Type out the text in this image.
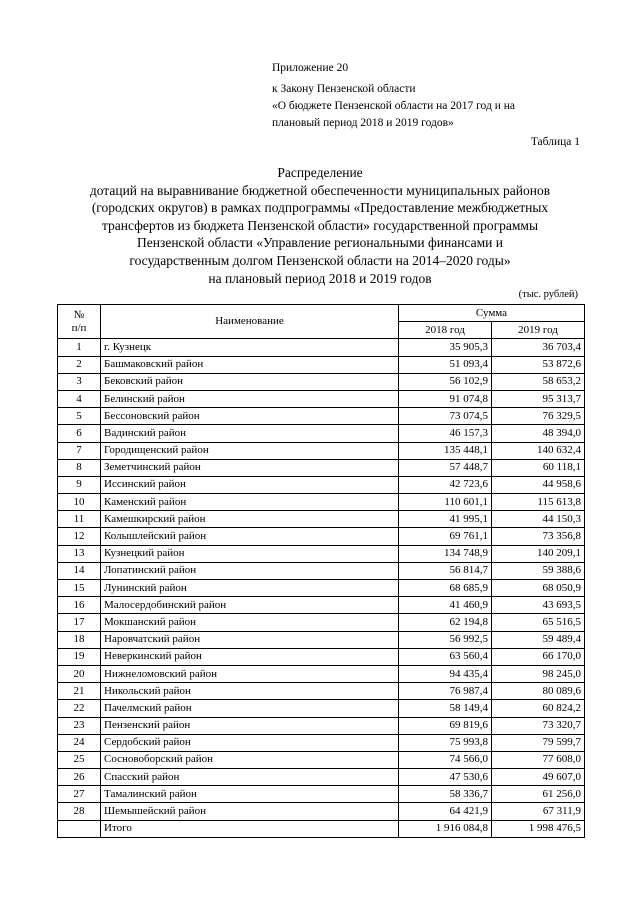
Приложение 20
к Закону Пензенской области
«О бюджете Пензенской области на 2017 год и на
плановый период 2018 и 2019 годов»
Таблица 1
Распределение
дотаций на выравнивание бюджетной обеспеченности муниципальных районов
(городских округов) в рамках подпрограммы «Предоставление межбюджетных
трансфертов из бюджета Пензенской области» государственной программы
Пензенской области «Управление региональными финансами и
государственным долгом Пензенской области на 2014–2020 годы»
на плановый период 2018 и 2019 годов
(тыс. рублей)
№
п/п	Наименование	Сумма	
		2018 год	2019 год
1	г. Кузнецк	35 905,3	36 703,4
2	Башмаковский район	51 093,4	53 872,6
3	Бековский район	56 102,9	58 653,2
4	Белинский район	91 074,8	95 313,7
5	Бессоновский район	73 074,5	76 329,5
6	Вадинский район	46 157,3	48 394,0
7	Городищенский район	135 448,1	140 632,4
8	Земетчинский район	57 448,7	60 118,1
9	Иссинский район	42 723,6	44 958,6
10	Каменский район	110 601,1	115 613,8
11	Камешкирский район	41 995,1	44 150,3
12	Колышлейский район	69 761,1	73 356,8
13	Кузнецкий район	134 748,9	140 209,1
14	Лопатинский район	56 814,7	59 388,6
15	Лунинский район	68 685,9	68 050,9
16	Малосердобинский район	41 460,9	43 693,5
17	Мокшанский район	62 194,8	65 516,5
18	Наровчатский район	56 992,5	59 489,4
19	Неверкинский район	63 560,4	66 170,0
20	Нижнеломовский район	94 435,4	98 245,0
21	Никольский район	76 987,4	80 089,6
22	Пачелмский район	58 149,4	60 824,2
23	Пензенский район	69 819,6	73 320,7
24	Сердобский район	75 993,8	79 599,7
25	Сосновоборский район	74 566,0	77 608,0
26	Спасский район	47 530,6	49 607,0
27	Тамалинский район	58 336,7	61 256,0
28	Шемышейский район	64 421,9	67 311,9
	Итого	1 916 084,8	1 998 476,5
